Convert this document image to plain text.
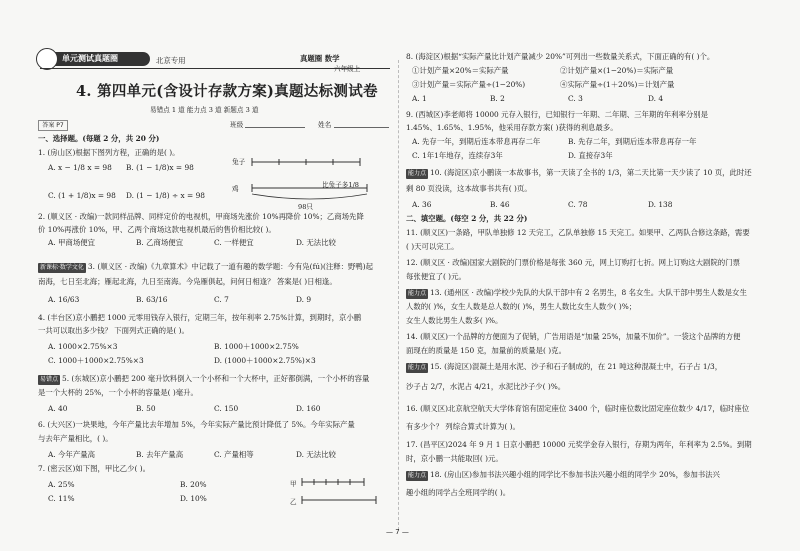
单元测试真题圈	北京专用	真题圈 数学
六年级上
4. 第四单元(含设计存款方案)真题达标测试卷
易错点 1 道 能力点 3 道 新题点 3 道
答案 P7	班级	姓名
一、选择题。(每题 2 分，共 20 分)
1. (房山区)根据下图列方程，正确的是( )。
A. x − 1/8 x = 98 B. (1 − 1/8)x = 98
C. (1 + 1/8)x = 98 D. (1 − 1/8) ÷ x = 98
兔子
鸡	比兔子多1/8
98只
2. (顺义区 · 改编)一款同样品牌、同样定价的电视机，甲商场先涨价 10%再降价 10%；乙商场先降
价 10%再涨价 10%，甲、乙两个商场这款电视机最后的售价相比较( )。
A. 甲商场便宜	B. 乙商场便宜	C. 一样便宜	D. 无法比较
新课标·数学文化 3. (顺义区 · 改编)《九章算术》中记载了一道有趣的数学题：今有凫(fú)(注释：野鸭)起
南海，七日至北海；雁起北海，九日至南海。今凫雁俱起，问何日相逢？ 答案是( )日相逢。
A. 16/63	B. 63/16	C. 7	D. 9
4. (丰台区)京小鹏把 1000 元零用钱存入银行，定期三年，按年利率 2.75%计算，到期时，京小鹏
一共可以取出多少钱？ 下面列式正确的是( )。
A. 1000×2.75%×3	B. 1000＋1000×2.75%
C. 1000＋1000×2.75%×3	D. (1000＋1000×2.75%)×3
易错点 5. (东城区)京小鹏把 200 毫升饮料倒入一个小杯和一个大杯中，正好都倒满，一个小杯的容量
是一个大杯的 25%，一个小杯的容量是( )毫升。
A. 40	B. 50	C. 150	D. 160
6. (大兴区)一块果地，今年产量比去年增加 5%，今年实际产量比预计降低了 5%。今年实际产量
与去年产量相比，( )。
A. 今年产量高	B. 去年产量高	C. 产量相等	D. 无法比较
7. (密云区)如下图，甲比乙少( )。
A. 25%	B. 20%
C. 11%	D. 10%
甲
乙
8. (海淀区)根据“实际产量比计划产量减少 20%”可列出一些数量关系式，下面正确的有( )个。
①计划产量×20%＝实际产量	②计划产量×(1−20%)＝实际产量
③计划产量＝实际产量÷(1−20%)	④实际产量÷(1＋20%)＝计划产量
A. 1	B. 2	C. 3	D. 4
9. (西城区)李老师将 10000 元存入银行，已知银行一年期、二年期、三年期的年利率分别是
1.45%、1.65%、1.95%，他采用存款方案( )获得的利息最多。
A. 先存一年，到期后连本带息再存二年	B. 先存二年，到期后连本带息再存一年
C. 1年1年地存，连续存3年	D. 直接存3年
能力点 10. (海淀区)京小鹏读一本故事书，第一天读了全书的 1/3，第二天比第一天少读了 10 页，此时还
剩 80 页没读，这本故事书共有( )页。
A. 36	B. 46	C. 78	D. 138
二、填空题。(每空 2 分，共 22 分)
11. (顺义区)一条路，甲队单独修 12 天完工，乙队单独修 15 天完工。如果甲、乙两队合修这条路，需要
( )天可以完工。
12. (顺义区 · 改编)国家大剧院的门票价格是每张 360 元，网上订购打七折。网上订购这大剧院的门票
每张便宜了( )元。
能力点 13. (通州区 · 改编)学校少先队的大队干部中有 2 名男生，8 名女生。大队干部中男生人数是女生
人数的( )%，女生人数是总人数的( )%，男生人数比女生人数少( )%；
女生人数比男生人数多( )%。
14. (顺义区)一个品牌的方便面为了促销，广告用语是“加量 25%，加量不加价”。一袋这个品牌的方便
面现在的质量是 150 克，加量前的质量是( )克。
能力点 15. (海淀区)混凝土是用水泥、沙子和石子制成的，在 21 吨这种混凝土中，石子占 1/3，
沙子占 2/7，水泥占 4/21，水泥比沙子少( )%。
16. (顺义区)北京航空航天大学体育馆有固定座位 3400 个，临时座位数比固定座位数少 4/17，临时座位
有多少个？ 列综合算式计算为( )。
17. (昌平区)2024 年 9 月 1 日京小鹏把 10000 元奖学金存入银行，存期为两年，年利率为 2.5%。到期
时，京小鹏一共能取回( )元。
能力点 18. (房山区)参加书法兴趣小组的同学比不参加书法兴趣小组的同学少 20%，参加书法兴
趣小组的同学占全班同学的( )。
— 7 —
